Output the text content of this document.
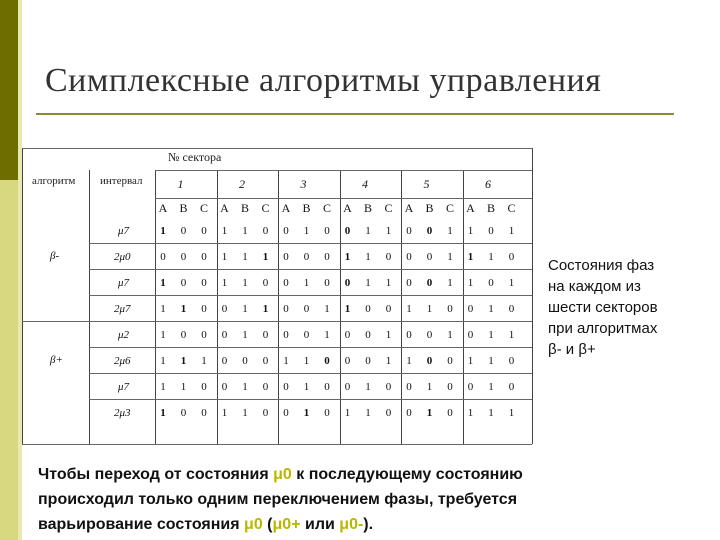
Симплексные алгоритмы управления
№ сектора
алгоритм интервал	1	2	3	4	5	6
A	B	C	A	B	C	A	B	C	A	B	C	A	B	C	A	B	C
β-
β+
μ7	1	0	0	1	1	0	0	1	0	0	1	1	0	0	1	1	0	1
2μ0	0	0	0	1	1	1	0	0	0	1	1	0	0	0	1	1	1	0
μ7	1	0	0	1	1	0	0	1	0	0	1	1	0	0	1	1	0	1
2μ7	1	1	0	0	1	1	0	0	1	1	0	0	1	1	0	0	1	0
μ2	1	0	0	0	1	0	0	0	1	0	0	1	0	0	1	0	1	1
2μ6	1	1	1	0	0	0	1	1	0	0	0	1	1	0	0	1	1	0
μ7	1	1	0	0	1	0	0	1	0	0	1	0	0	1	0	0	1	0
2μ3	1	0	0	1	1	0	0	1	0	1	1	0	0	1	0	1	1	1
Состояния фаз
на каждом из
шести секторов
при алгоритмах
β- и β+
Чтобы переход от состояния μ0 к последующему состоянию
происходил только одним переключением фазы, требуется
варьирование состояния μ0 (μ0+ или μ0-).
